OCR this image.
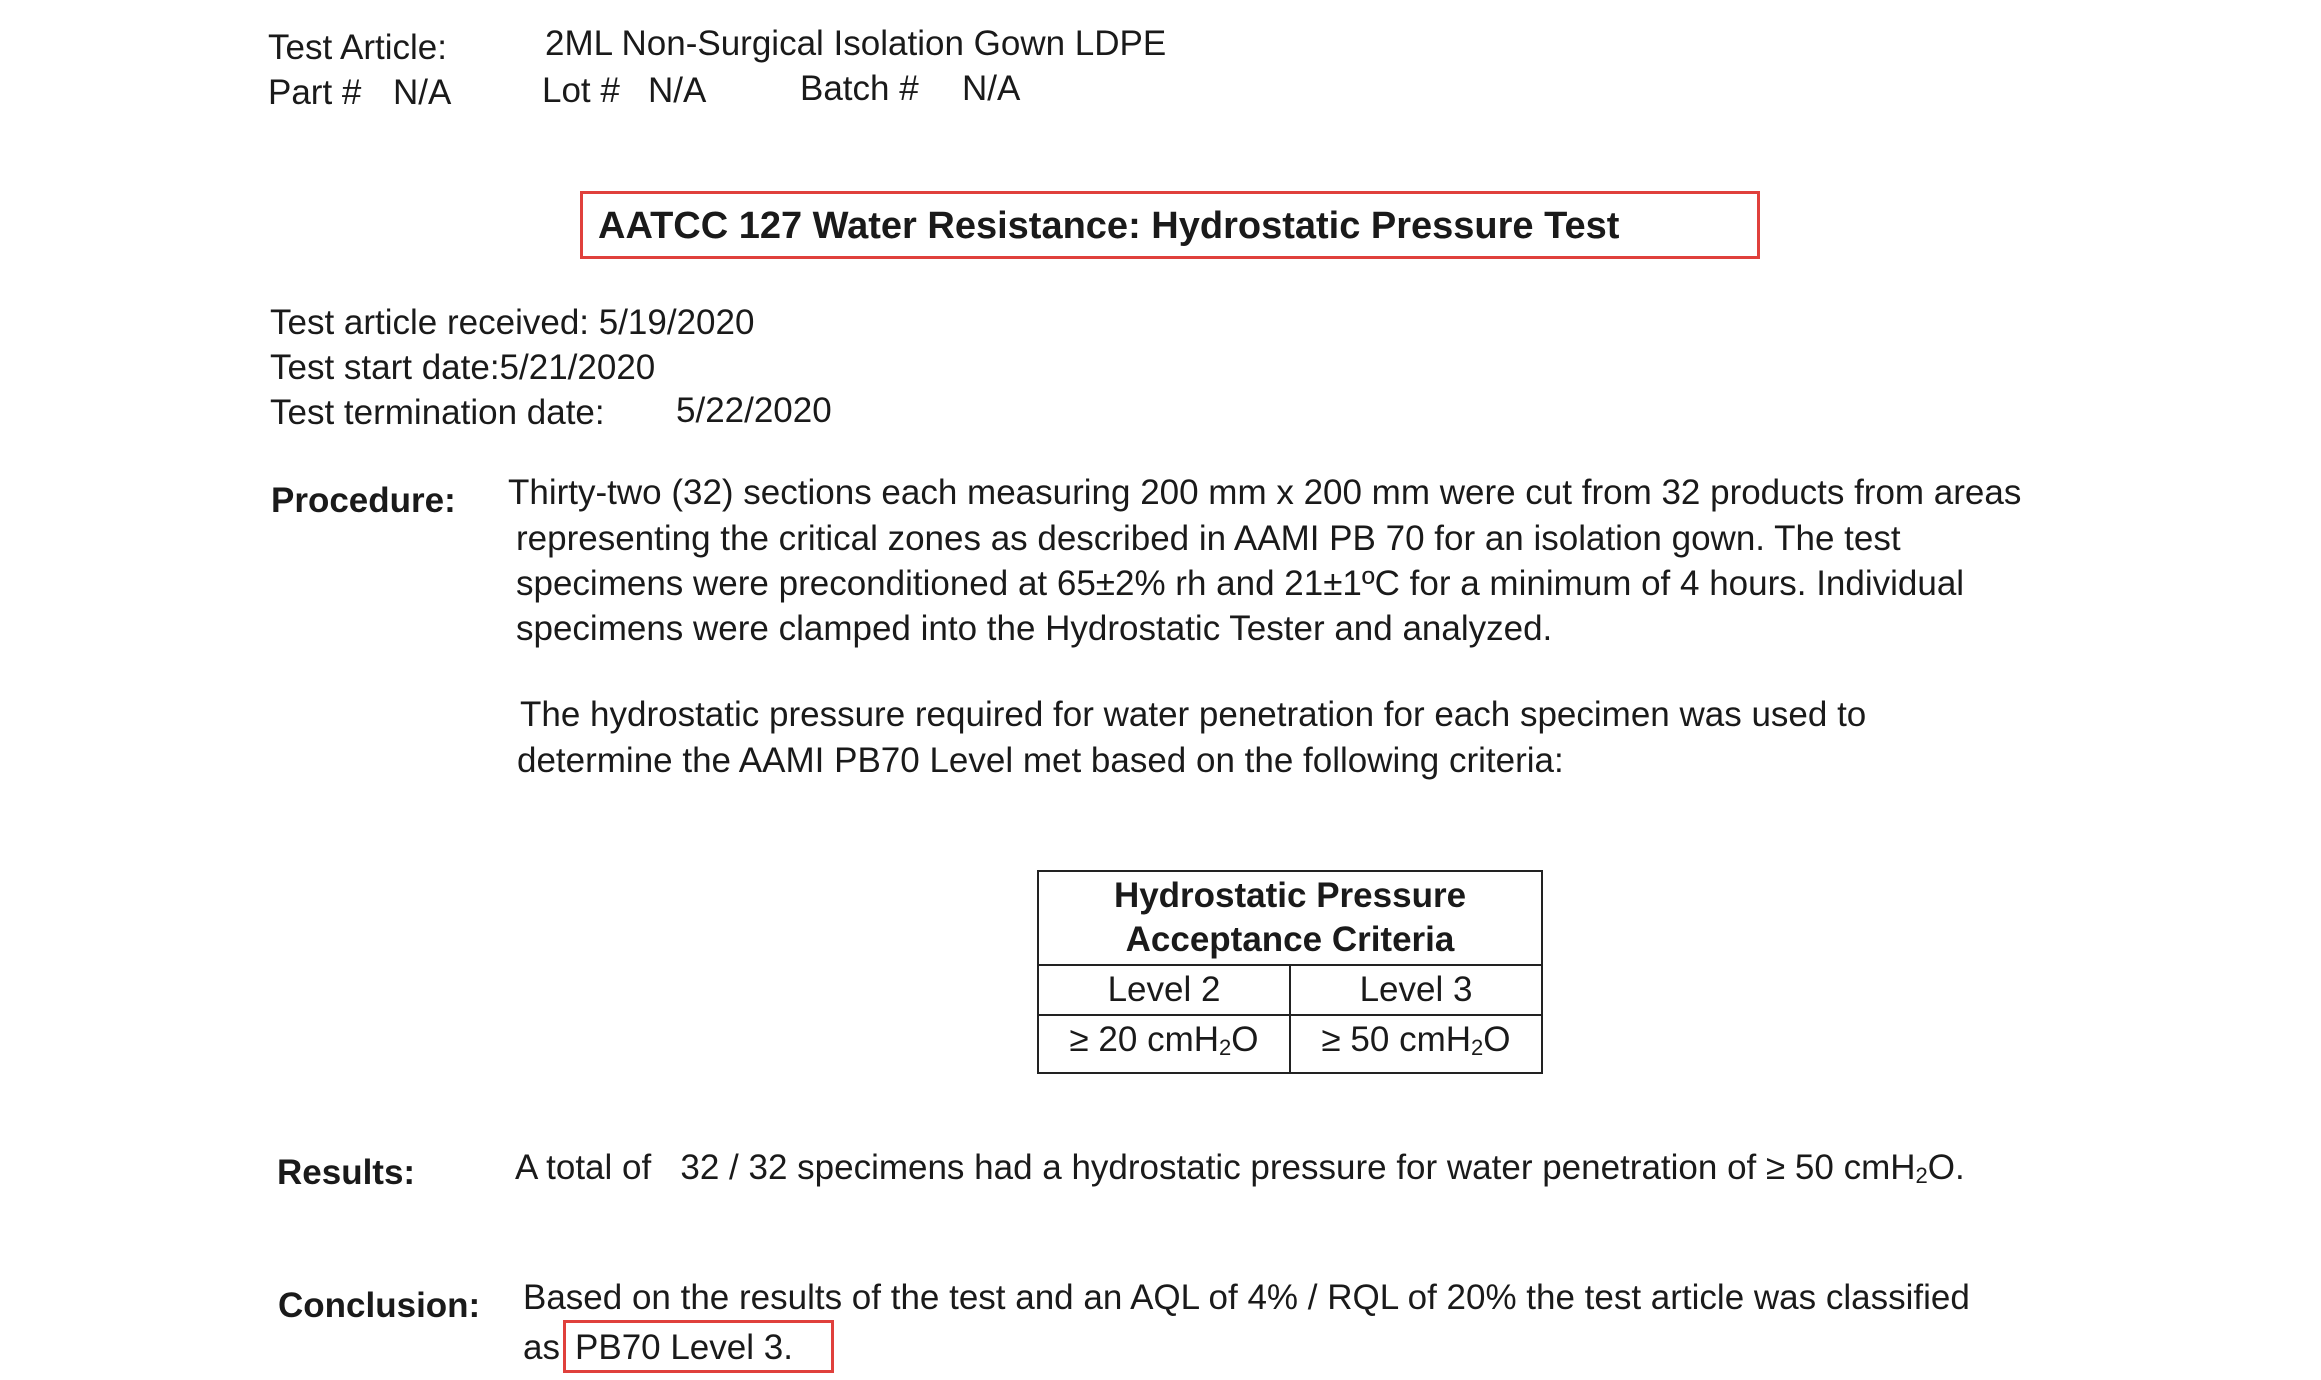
Test Article:	2ML Non-Surgical Isolation Gown LDPE
Part # N/A	Lot # N/A	Batch # N/A
AATCC 127 Water Resistance: Hydrostatic Pressure Test
Test article received: 5/19/2020
Test start date:5/21/2020
Test termination date: 5/22/2020
Procedure: Thirty-two (32) sections each measuring 200 mm x 200 mm were cut from 32 products from areas
representing the critical zones as described in AAMI PB 70 for an isolation gown. The test
specimens were preconditioned at 65±2% rh and 21±1ºC for a minimum of 4 hours. Individual
specimens were clamped into the Hydrostatic Tester and analyzed.
The hydrostatic pressure required for water penetration for each specimen was used to
determine the AAMI PB70 Level met based on the following criteria:
Hydrostatic Pressure
Acceptance Criteria	
Level 2	Level 3
≥ 20 cmH$_2$O	≥ 50 cmH$_2$O
Results:	A total of   32 / 32 specimens had a hydrostatic pressure for water penetration of ≥ 50 cmH$_2$O.
Conclusion: Based on the results of the test and an AQL of 4% / RQL of 20% the test article was classified
as PB70 Level 3.
